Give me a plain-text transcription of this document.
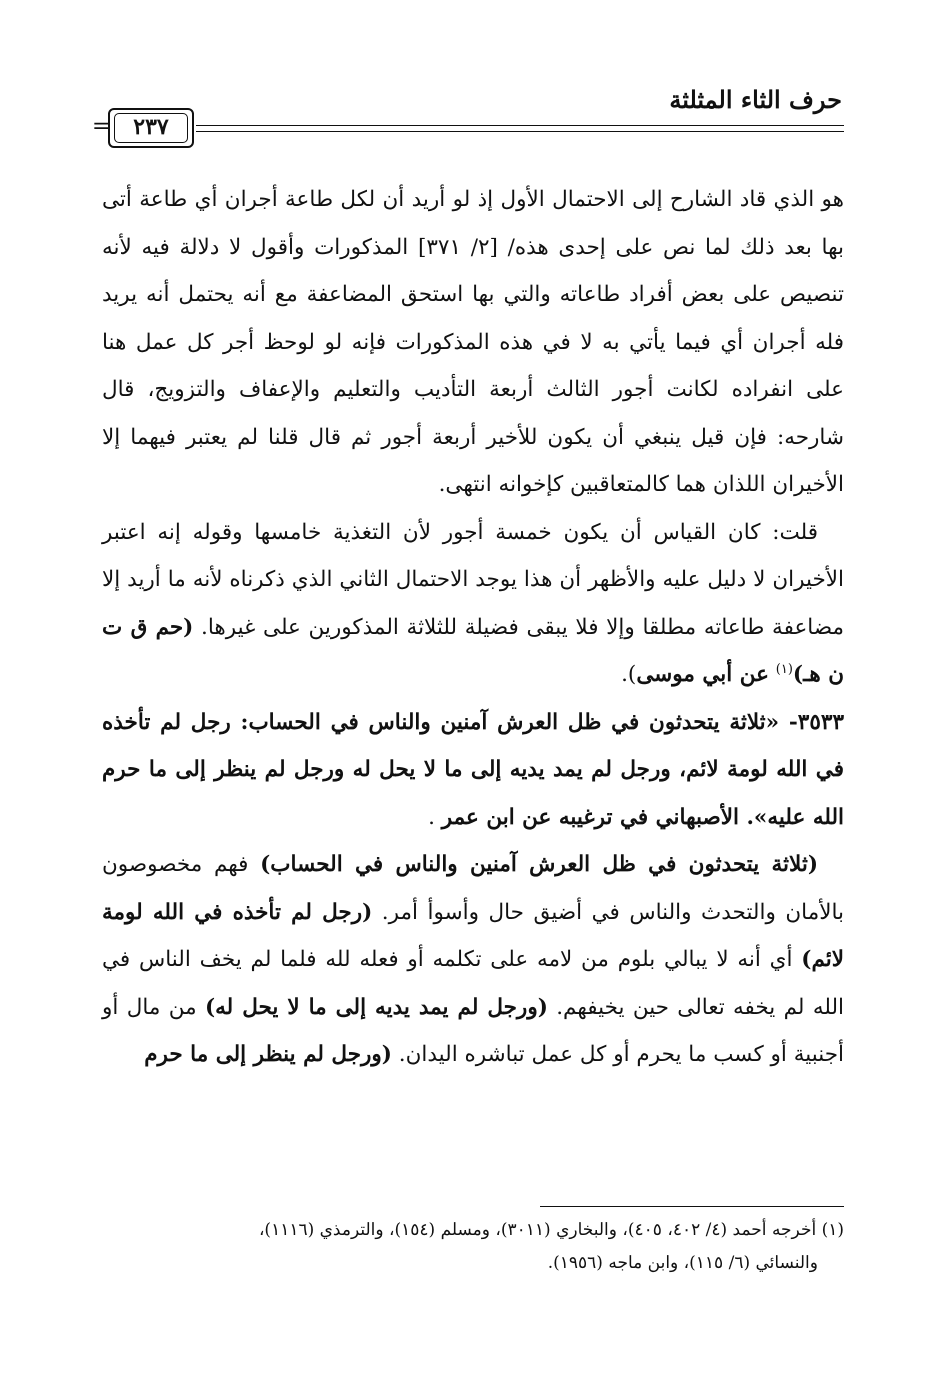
حرف الثاء المثلثة
=	٢٣٧

هو الذي قاد الشارح إلى الاحتمال الأول إذ لو أريد أن لكل طاعة أجران أي طاعة أتى بها بعد ذلك لما نص على إحدى هذه/ [٢/ ٣٧١] المذكورات وأقول لا دلالة فيه لأنه تنصيص على بعض أفراد طاعاته والتي بها استحق المضاعفة مع أنه يحتمل أنه يريد فله أجران أي فيما يأتي به لا في هذه المذكورات فإنه لو لوحظ أجر كل عمل هنا على انفراده لكانت أجور الثالث أربعة التأديب والتعليم والإعفاف والتزويج، قال شارحه: فإن قيل ينبغي أن يكون للأخير أربعة أجور ثم قال قلنا لم يعتبر فيهما إلا الأخيران اللذان هما كالمتعاقبين كإخوانه انتهى.

قلت: كان القياس أن يكون خمسة أجور لأن التغذية خامسها وقوله إنه اعتبر الأخيران لا دليل عليه والأظهر أن هذا يوجد الاحتمال الثاني الذي ذكرناه لأنه ما أريد إلا مضاعفة طاعاته مطلقا وإلا فلا يبقى فضيلة للثلاثة المذكورين على غيرها. (حم ق ت ن هـ)$^{(١)}$ عن أبي موسى).

٣٥٣٣- «ثلاثة يتحدثون في ظل العرش آمنين والناس في الحساب: رجل لم تأخذه في الله لومة لائم، ورجل لم يمد يديه إلى ما لا يحل له ورجل لم ينظر إلى ما حرم الله عليه». الأصبهاني في ترغيبه عن ابن عمر .

(ثلاثة يتحدثون في ظل العرش آمنين والناس في الحساب) فهم مخصوصون بالأمان والتحدث والناس في أضيق حال وأسوأ أمر. (رجل لم تأخذه في الله لومة لائم) أي أنه لا يبالي بلوم من لامه على تكلمه أو فعله لله فلما لم يخف الناس في الله لم يخفه تعالى حين يخيفهم. (ورجل لم يمد يديه إلى ما لا يحل له) من مال أو أجنبية أو كسب ما يحرم أو كل عمل تباشره اليدان. (ورجل لم ينظر إلى ما حرم

(١) أخرجه أحمد (٤/ ٤٠٢، ٤٠٥)، والبخاري (٣٠١١)، ومسلم (١٥٤)، والترمذي (١١١٦)،

والنسائي (٦/ ١١٥)، وابن ماجه (١٩٥٦).
